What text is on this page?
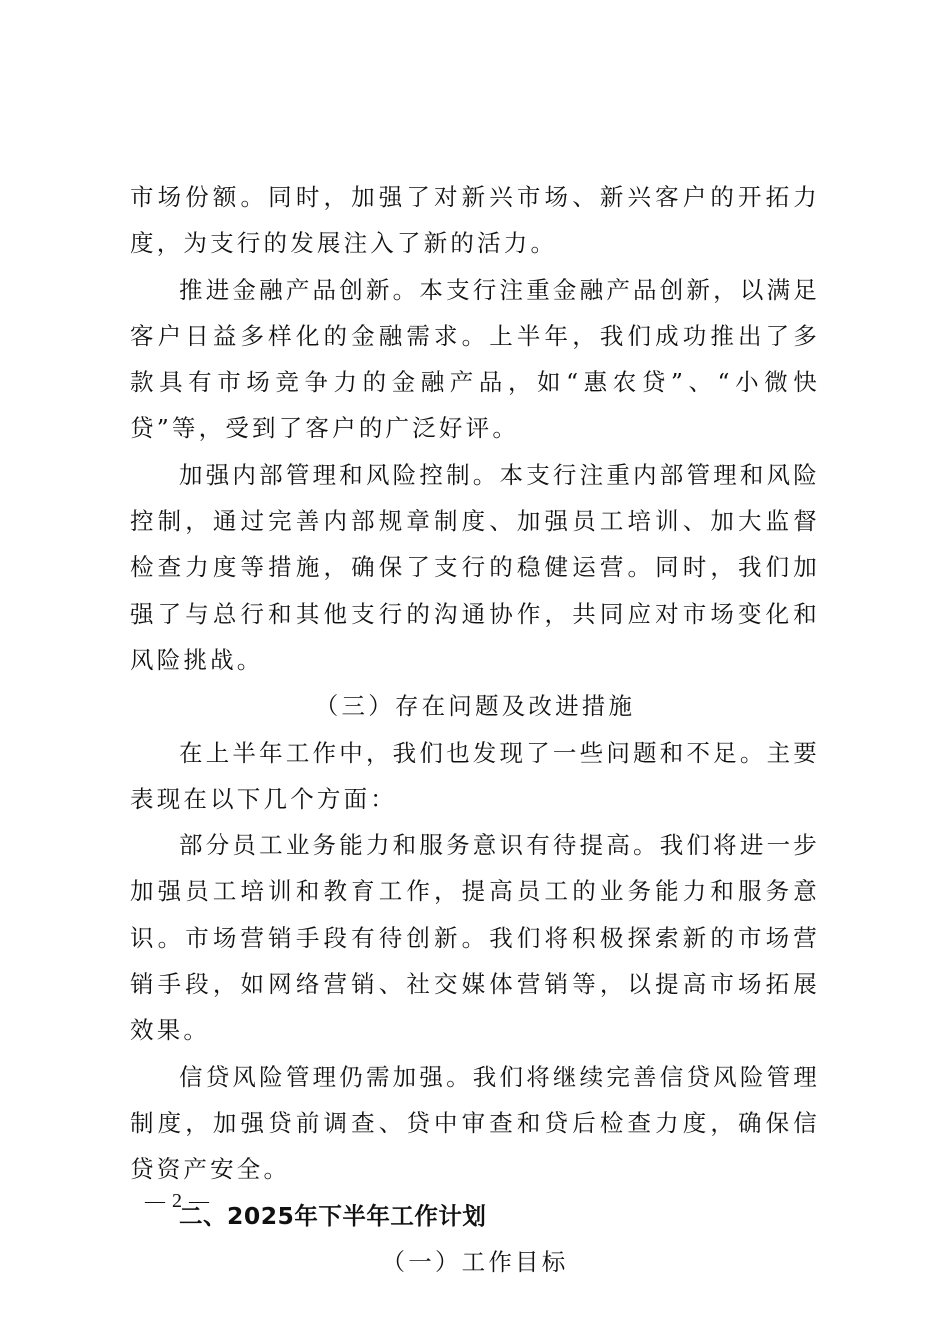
市场份额。同时，加强了对新兴市场、新兴客户的开拓力度，为支行的发展注入了新的活力。

推进金融产品创新。本支行注重金融产品创新，以满足客户日益多样化的金融需求。上半年，我们成功推出了多款具有市场竞争力的金融产品，如“惠农贷”、“小微快贷”等，受到了客户的广泛好评。

加强内部管理和风险控制。本支行注重内部管理和风险控制，通过完善内部规章制度、加强员工培训、加大监督检查力度等措施，确保了支行的稳健运营。同时，我们加强了与总行和其他支行的沟通协作，共同应对市场变化和风险挑战。

（三）存在问题及改进措施

在上半年工作中，我们也发现了一些问题和不足。主要表现在以下几个方面：

部分员工业务能力和服务意识有待提高。我们将进一步加强员工培训和教育工作，提高员工的业务能力和服务意识。市场营销手段有待创新。我们将积极探索新的市场营销手段，如网络营销、社交媒体营销等，以提高市场拓展效果。

信贷风险管理仍需加强。我们将继续完善信贷风险管理制度，加强贷前调查、贷中审查和贷后检查力度，确保信贷资产安全。

二、2025年下半年工作计划

（一）工作目标

— 2 —
